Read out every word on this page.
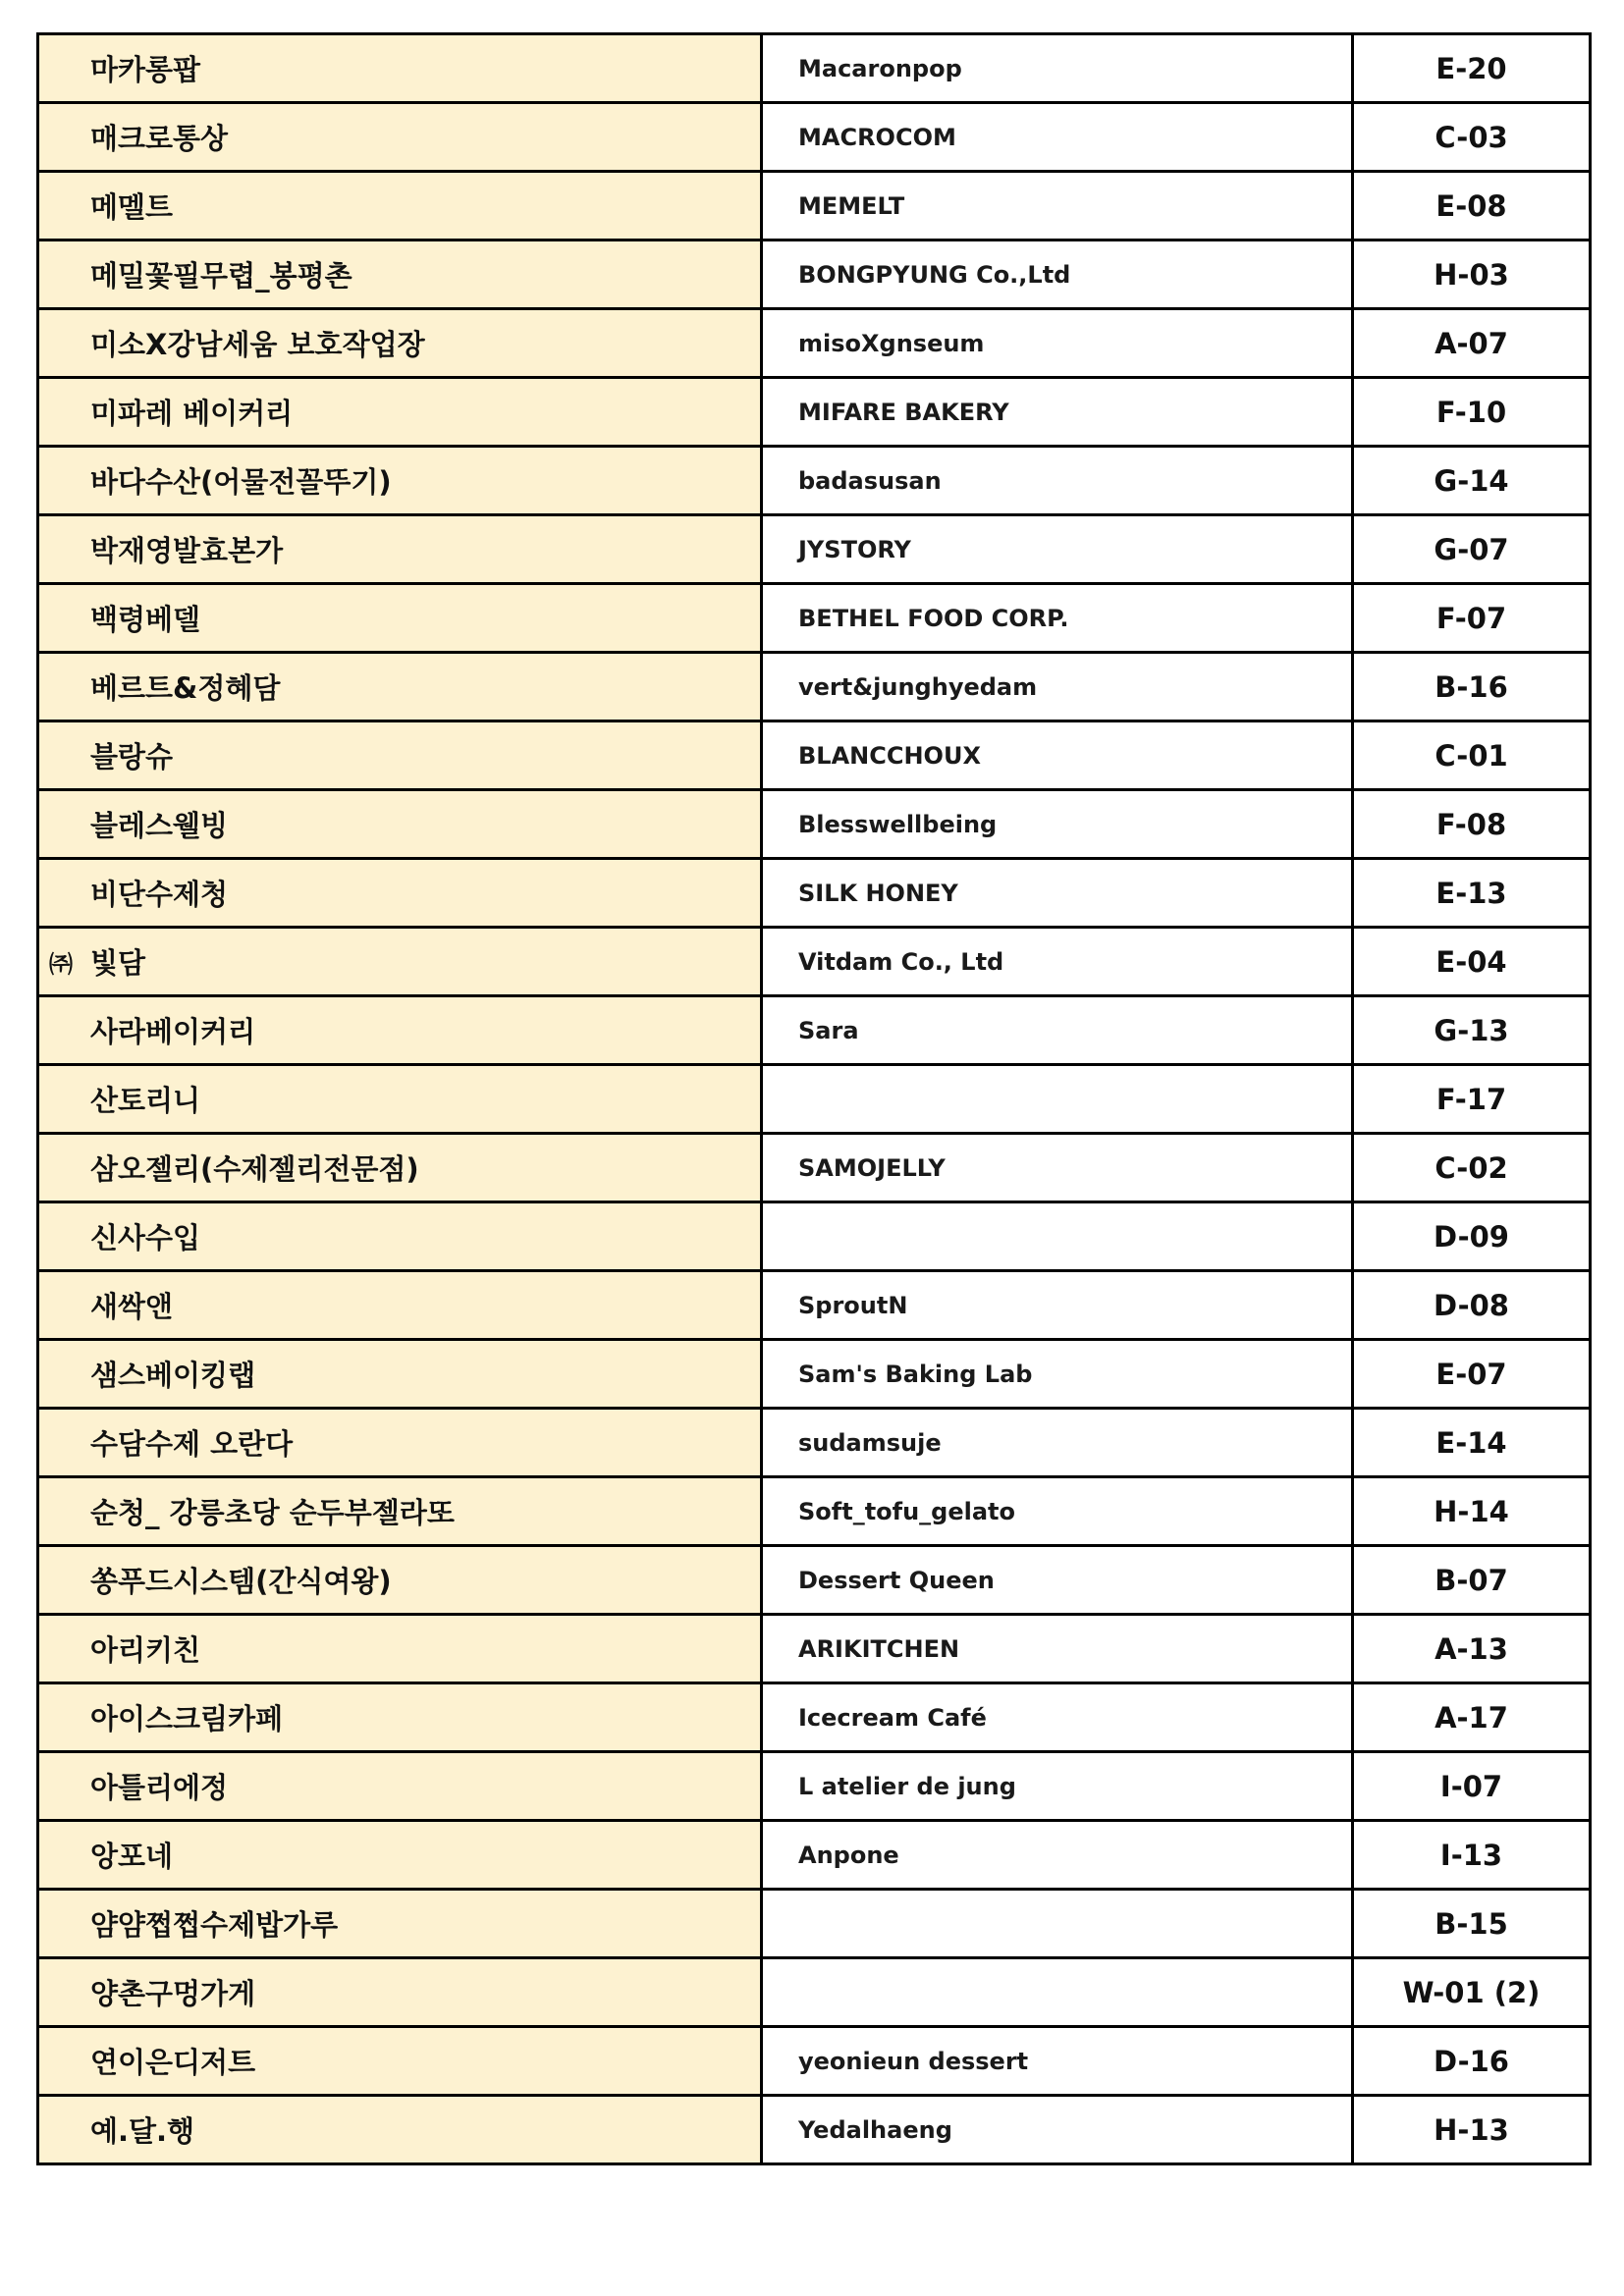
마카롱팝	Macaronpop	E-20
매크로통상	MACROCOM	C-03
메멜트	MEMELT	E-08
메밀꽃필무렵_봉평촌	BONGPYUNG Co.,Ltd	H-03
미소X강남세움 보호작업장	misoXgnseum	A-07
미파레 베이커리	MIFARE BAKERY	F-10
바다수산(어물전꼴뚜기)	badasusan	G-14
박재영발효본가	JYSTORY	G-07
백령베델	BETHEL FOOD CORP.	F-07
베르트&정혜담	vert&junghyedam	B-16
블랑슈	BLANCCHOUX	C-01
블레스웰빙	Blesswellbeing	F-08
비단수제청	SILK HONEY	E-13

㈜ 빛담	Vitdam Co., Ltd	E-04
사라베이커리	Sara	G-13
산토리니		F-17
삼오젤리(수제젤리전문점)	SAMOJELLY	C-02
신사수입		D-09
새싹앤	SproutN	D-08
샘스베이킹랩	Sam's Baking Lab	E-07
수담수제 오란다	sudamsuje	E-14
순청_ 강릉초당 순두부젤라또	Soft_tofu_gelato	H-14
쏭푸드시스템(간식여왕)	Dessert Queen	B-07
아리키친	ARIKITCHEN	A-13
아이스크림카페	Icecream Café	A-17
아틀리에정	L atelier de jung	I-07
앙포네	Anpone	I-13
얌얌쩝쩝수제밥가루		B-15
양촌구멍가게		W-01 (2)
연이은디저트	yeonieun dessert	D-16
예.달.행	Yedalhaeng	H-13
